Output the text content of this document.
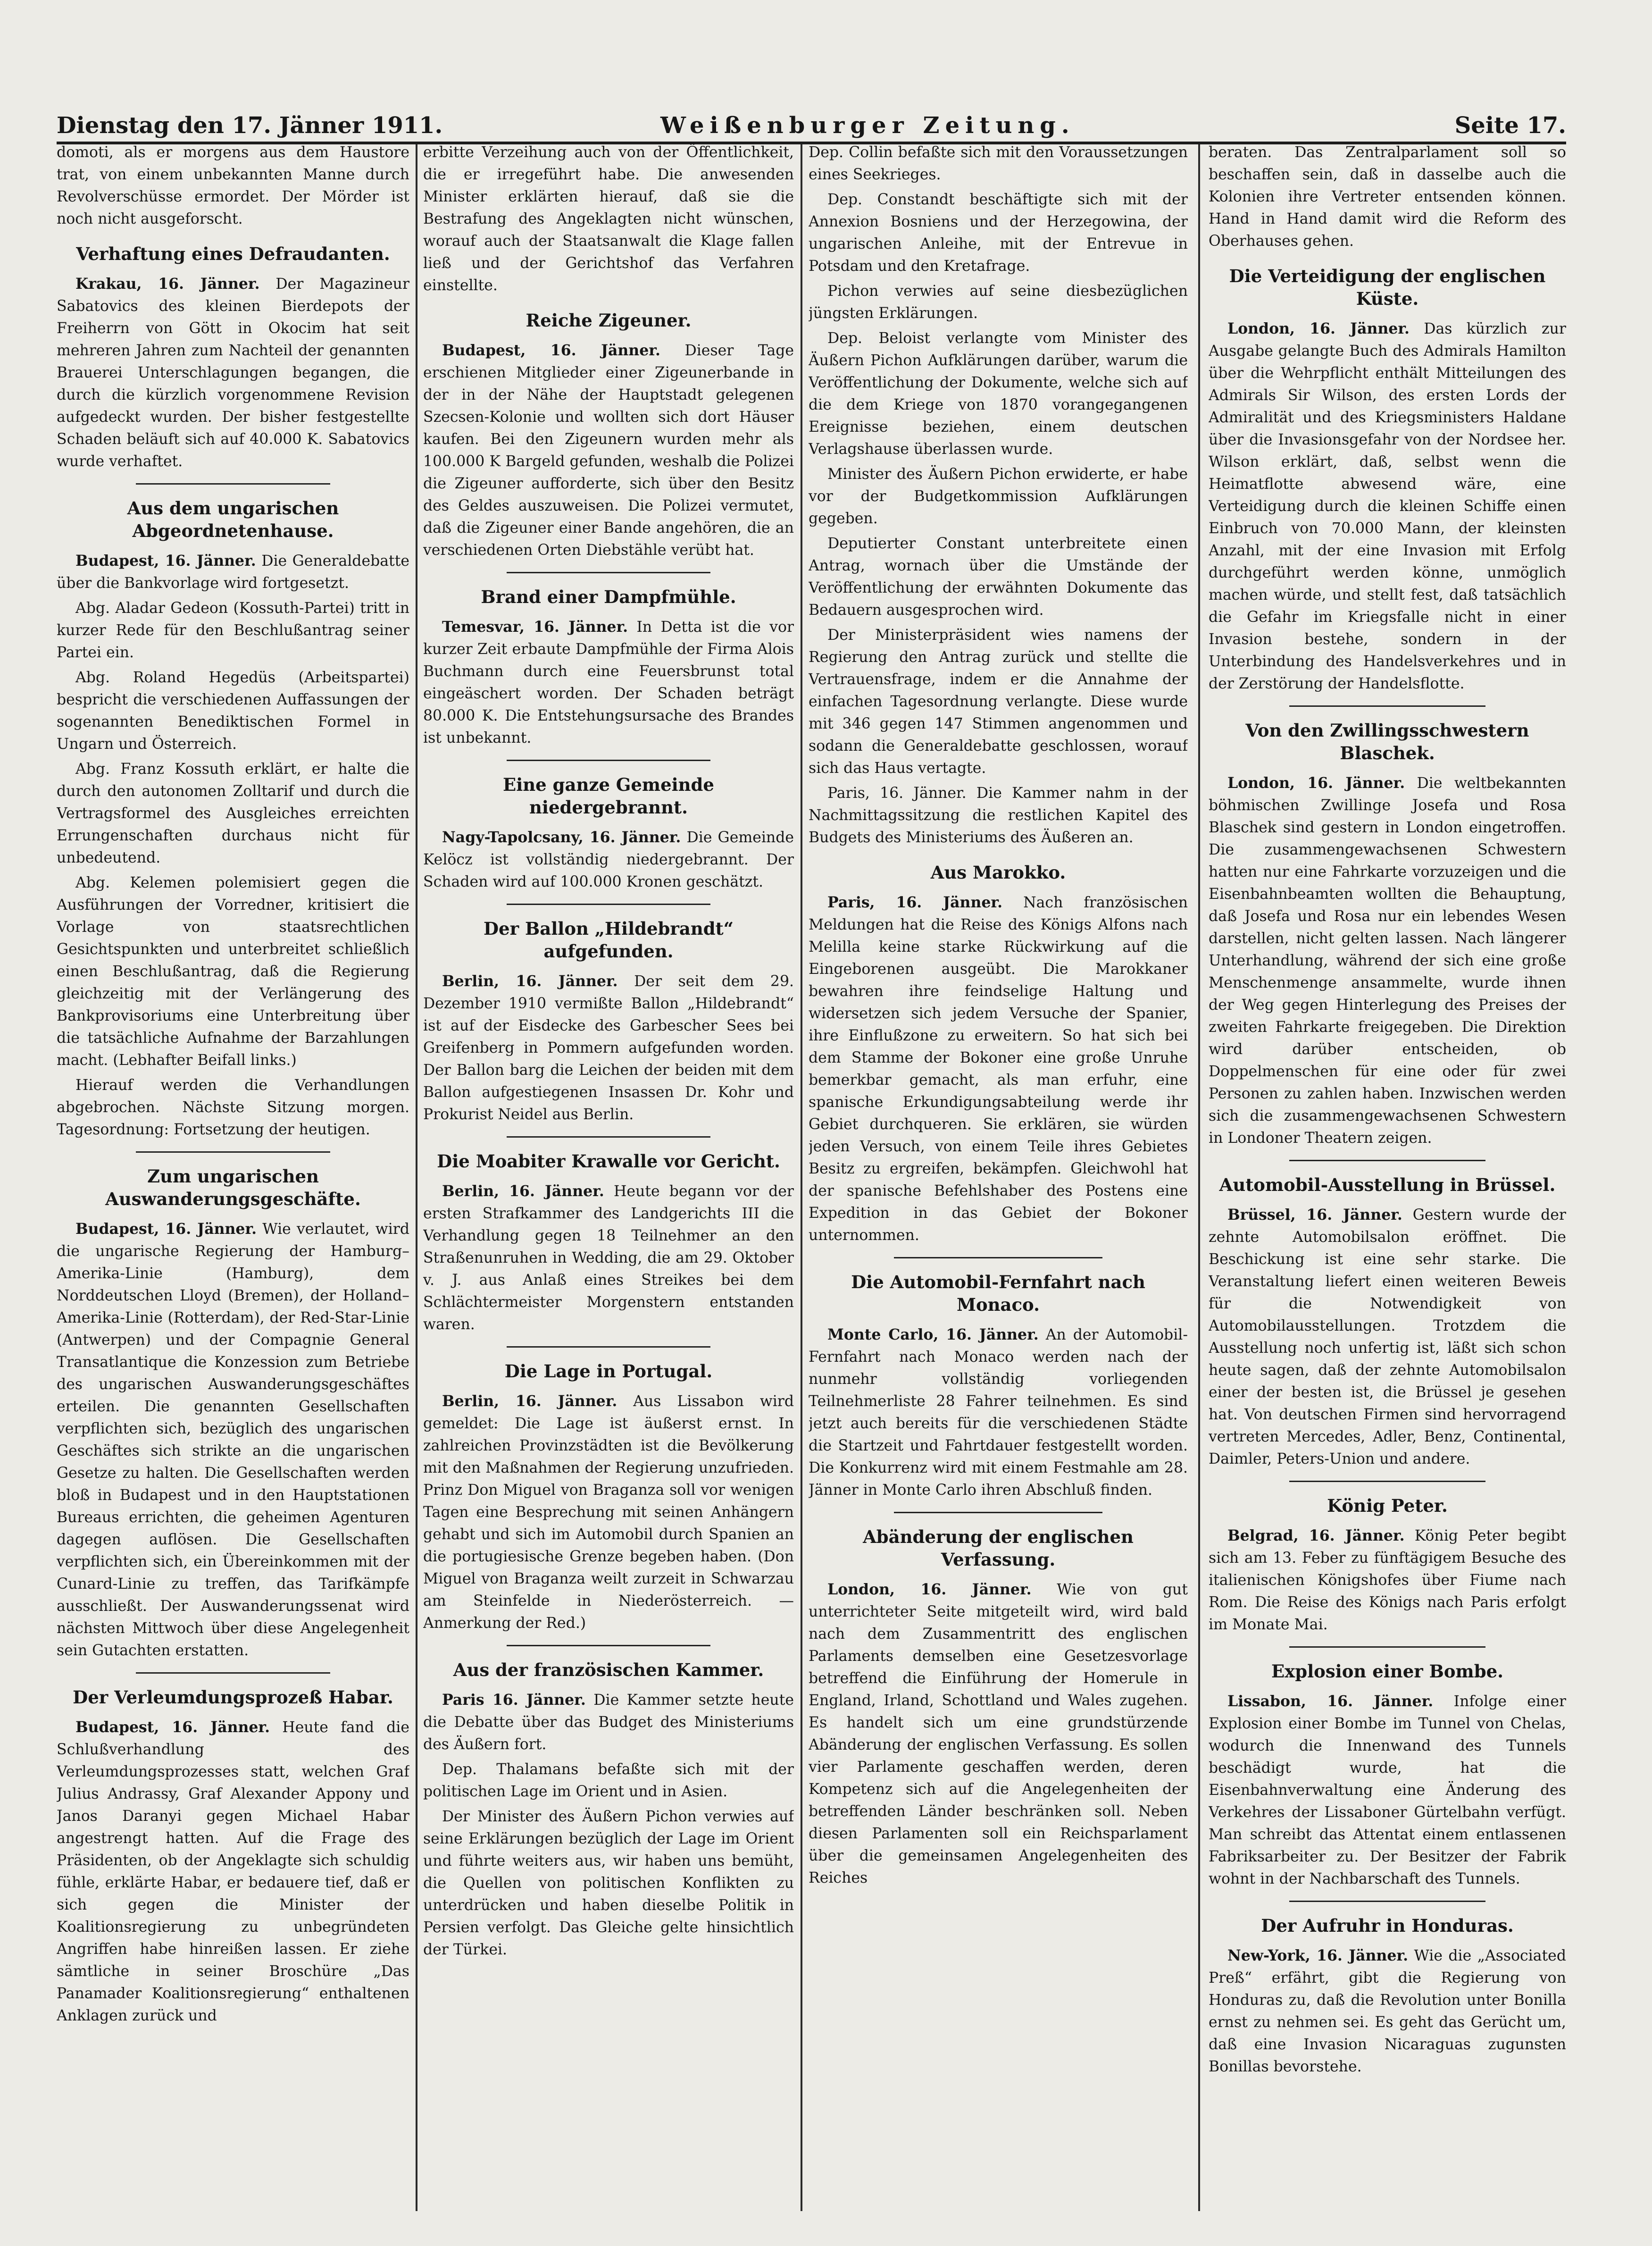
Dienstag den 17. Jänner 1911.	Weißenburger Zeitung.	Seite 17.

domoti, als er morgens aus dem Haustore trat, von einem unbekannten Manne durch Revolverschüsse ermordet. Der Mörder ist noch nicht ausgeforscht.

Verhaftung eines Defraudanten.

Krakau, 16. Jänner. Der Magazineur Sabatovics des kleinen Bierdepots der Freiherrn von Gött in Okocim hat seit mehreren Jahren zum Nachteil der genannten Brauerei Unterschlagungen begangen, die durch die kürzlich vorgenommene Revision aufgedeckt wurden. Der bisher festgestellte Schaden beläuft sich auf 40.000 K. Sabatovics wurde verhaftet.

Aus dem ungarischen Abgeordnetenhause.

Budapest, 16. Jänner. Die Generaldebatte über die Bankvorlage wird fortgesetzt.

Abg. Aladar Gedeon (Kossuth-Partei) tritt in kurzer Rede für den Beschlußantrag seiner Partei ein.

Abg. Roland Hegedüs (Arbeitspartei) bespricht die verschiedenen Auffassungen der sogenannten Benediktischen Formel in Ungarn und Österreich.

Abg. Franz Kossuth erklärt, er halte die durch den autonomen Zolltarif und durch die Vertragsformel des Ausgleiches erreichten Errungenschaften durchaus nicht für unbedeutend.

Abg. Kelemen polemisiert gegen die Ausführungen der Vorredner, kritisiert die Vorlage von staatsrechtlichen Gesichtspunkten und unterbreitet schließlich einen Beschlußantrag, daß die Regierung gleichzeitig mit der Verlängerung des Bankprovisoriums eine Unterbreitung über die tatsächliche Aufnahme der Barzahlungen macht. (Lebhafter Beifall links.)

Hierauf werden die Verhandlungen abgebrochen. Nächste Sitzung morgen. Tagesordnung: Fortsetzung der heutigen.

Zum ungarischen Auswanderungsgeschäfte.

Budapest, 16. Jänner. Wie verlautet, wird die ungarische Regierung der Hamburg–Amerika-Linie (Hamburg), dem Norddeutschen Lloyd (Bremen), der Holland–Amerika-Linie (Rotterdam), der Red-Star-Linie (Antwerpen) und der Compagnie General Transatlantique die Konzession zum Betriebe des ungarischen Auswanderungsgeschäftes erteilen. Die genannten Gesellschaften verpflichten sich, bezüglich des ungarischen Geschäftes sich strikte an die ungarischen Gesetze zu halten. Die Gesellschaften werden bloß in Budapest und in den Hauptstationen Bureaus errichten, die geheimen Agenturen dagegen auflösen. Die Gesellschaften verpflichten sich, ein Übereinkommen mit der Cunard-Linie zu treffen, das Tarifkämpfe ausschließt. Der Auswanderungssenat wird nächsten Mittwoch über diese Angelegenheit sein Gutachten erstatten.

Der Verleumdungsprozeß Habar.

Budapest, 16. Jänner. Heute fand die Schlußverhandlung des Verleumdungsprozesses statt, welchen Graf Julius Andrassy, Graf Alexander Appony und Janos Daranyi gegen Michael Habar angestrengt hatten. Auf die Frage des Präsidenten, ob der Angeklagte sich schuldig fühle, erklärte Habar, er bedauere tief, daß er sich gegen die Minister der Koalitionsregierung zu unbegründeten Angriffen habe hinreißen lassen. Er ziehe sämtliche in seiner Broschüre „Das Panamader Koalitionsregierung“ enthaltenen Anklagen zurück und

erbitte Verzeihung auch von der Öffentlichkeit, die er irregeführt habe. Die anwesenden Minister erklärten hierauf, daß sie die Bestrafung des Angeklagten nicht wünschen, worauf auch der Staatsanwalt die Klage fallen ließ und der Gerichtshof das Verfahren einstellte.

Reiche Zigeuner.

Budapest, 16. Jänner. Dieser Tage erschienen Mitglieder einer Zigeunerbande in der in der Nähe der Hauptstadt gelegenen Szecsen-Kolonie und wollten sich dort Häuser kaufen. Bei den Zigeunern wurden mehr als 100.000 K Bargeld gefunden, weshalb die Polizei die Zigeuner aufforderte, sich über den Besitz des Geldes auszuweisen. Die Polizei vermutet, daß die Zigeuner einer Bande angehören, die an verschiedenen Orten Diebstähle verübt hat.

Brand einer Dampfmühle.

Temesvar, 16. Jänner. In Detta ist die vor kurzer Zeit erbaute Dampfmühle der Firma Alois Buchmann durch eine Feuersbrunst total eingeäschert worden. Der Schaden beträgt 80.000 K. Die Entstehungsursache des Brandes ist unbekannt.

Eine ganze Gemeinde niedergebrannt.

Nagy-Tapolcsany, 16. Jänner. Die Gemeinde Kelöcz ist vollständig niedergebrannt. Der Schaden wird auf 100.000 Kronen geschätzt.

Der Ballon „Hildebrandt“ aufgefunden.

Berlin, 16. Jänner. Der seit dem 29. Dezember 1910 vermißte Ballon „Hildebrandt“ ist auf der Eisdecke des Garbescher Sees bei Greifenberg in Pommern aufgefunden worden. Der Ballon barg die Leichen der beiden mit dem Ballon aufgestiegenen Insassen Dr. Kohr und Prokurist Neidel aus Berlin.

Die Moabiter Krawalle vor Gericht.

Berlin, 16. Jänner. Heute begann vor der ersten Strafkammer des Landgerichts III die Verhandlung gegen 18 Teilnehmer an den Straßenunruhen in Wedding, die am 29. Oktober v. J. aus Anlaß eines Streikes bei dem Schlächtermeister Morgenstern entstanden waren.

Die Lage in Portugal.

Berlin, 16. Jänner. Aus Lissabon wird gemeldet: Die Lage ist äußerst ernst. In zahlreichen Provinzstädten ist die Bevölkerung mit den Maßnahmen der Regierung unzufrieden. Prinz Don Miguel von Braganza soll vor wenigen Tagen eine Besprechung mit seinen Anhängern gehabt und sich im Automobil durch Spanien an die portugiesische Grenze begeben haben. (Don Miguel von Braganza weilt zurzeit in Schwarzau am Steinfelde in Niederösterreich. — Anmerkung der Red.)

Aus der französischen Kammer.

Paris 16. Jänner. Die Kammer setzte heute die Debatte über das Budget des Ministeriums des Äußern fort.

Dep. Thalamans befaßte sich mit der politischen Lage im Orient und in Asien.

Der Minister des Äußern Pichon verwies auf seine Erklärungen bezüglich der Lage im Orient und führte weiters aus, wir haben uns bemüht, die Quellen von politischen Konflikten zu unterdrücken und haben dieselbe Politik in Persien verfolgt. Das Gleiche gelte hinsichtlich der Türkei.

Dep. Collin befaßte sich mit den Voraussetzungen eines Seekrieges.

Dep. Constandt beschäftigte sich mit der Annexion Bosniens und der Herzegowina, der ungarischen Anleihe, mit der Entrevue in Potsdam und den Kretafrage.

Pichon verwies auf seine diesbezüglichen jüngsten Erklärungen.

Dep. Beloist verlangte vom Minister des Äußern Pichon Aufklärungen darüber, warum die Veröffentlichung der Dokumente, welche sich auf die dem Kriege von 1870 vorangegangenen Ereignisse beziehen, einem deutschen Verlagshause überlassen wurde.

Minister des Äußern Pichon erwiderte, er habe vor der Budgetkommission Aufklärungen gegeben.

Deputierter Constant unterbreitete einen Antrag, wornach über die Umstände der Veröffentlichung der erwähnten Dokumente das Bedauern ausgesprochen wird.

Der Ministerpräsident wies namens der Regierung den Antrag zurück und stellte die Vertrauensfrage, indem er die Annahme der einfachen Tagesordnung verlangte. Diese wurde mit 346 gegen 147 Stimmen angenommen und sodann die Generaldebatte geschlossen, worauf sich das Haus vertagte.

Paris, 16. Jänner. Die Kammer nahm in der Nachmittagssitzung die restlichen Kapitel des Budgets des Ministeriums des Äußeren an.

Aus Marokko.

Paris, 16. Jänner. Nach französischen Meldungen hat die Reise des Königs Alfons nach Melilla keine starke Rückwirkung auf die Eingeborenen ausgeübt. Die Marokkaner bewahren ihre feindselige Haltung und widersetzen sich jedem Versuche der Spanier, ihre Einflußzone zu erweitern. So hat sich bei dem Stamme der Bokoner eine große Unruhe bemerkbar gemacht, als man erfuhr, eine spanische Erkundigungsabteilung werde ihr Gebiet durchqueren. Sie erklären, sie würden jeden Versuch, von einem Teile ihres Gebietes Besitz zu ergreifen, bekämpfen. Gleichwohl hat der spanische Befehlshaber des Postens eine Expedition in das Gebiet der Bokoner unternommen.

Die Automobil-Fernfahrt nach Monaco.

Monte Carlo, 16. Jänner. An der Automobil-Fernfahrt nach Monaco werden nach der nunmehr vollständig vorliegenden Teilnehmerliste 28 Fahrer teilnehmen. Es sind jetzt auch bereits für die verschiedenen Städte die Startzeit und Fahrtdauer festgestellt worden. Die Konkurrenz wird mit einem Festmahle am 28. Jänner in Monte Carlo ihren Abschluß finden.

Abänderung der englischen Verfassung.

London, 16. Jänner. Wie von gut unterrichteter Seite mitgeteilt wird, wird bald nach dem Zusammentritt des englischen Parlaments demselben eine Gesetzesvorlage betreffend die Einführung der Homerule in England, Irland, Schottland und Wales zugehen. Es handelt sich um eine grundstürzende Abänderung der englischen Verfassung. Es sollen vier Parlamente geschaffen werden, deren Kompetenz sich auf die Angelegenheiten der betreffenden Länder beschränken soll. Neben diesen Parlamenten soll ein Reichsparlament über die gemeinsamen Angelegenheiten des Reiches

beraten. Das Zentralparlament soll so beschaffen sein, daß in dasselbe auch die Kolonien ihre Vertreter entsenden können. Hand in Hand damit wird die Reform des Oberhauses gehen.

Die Verteidigung der englischen Küste.

London, 16. Jänner. Das kürzlich zur Ausgabe gelangte Buch des Admirals Hamilton über die Wehrpflicht enthält Mitteilungen des Admirals Sir Wilson, des ersten Lords der Admiralität und des Kriegsministers Haldane über die Invasionsgefahr von der Nordsee her. Wilson erklärt, daß, selbst wenn die Heimatflotte abwesend wäre, eine Verteidigung durch die kleinen Schiffe einen Einbruch von 70.000 Mann, der kleinsten Anzahl, mit der eine Invasion mit Erfolg durchgeführt werden könne, unmöglich machen würde, und stellt fest, daß tatsächlich die Gefahr im Kriegsfalle nicht in einer Invasion bestehe, sondern in der Unterbindung des Handelsverkehres und in der Zerstörung der Handelsflotte.

Von den Zwillingsschwestern Blaschek.

London, 16. Jänner. Die weltbekannten böhmischen Zwillinge Josefa und Rosa Blaschek sind gestern in London eingetroffen. Die zusammengewachsenen Schwestern hatten nur eine Fahrkarte vorzuzeigen und die Eisenbahnbeamten wollten die Behauptung, daß Josefa und Rosa nur ein lebendes Wesen darstellen, nicht gelten lassen. Nach längerer Unterhandlung, während der sich eine große Menschenmenge ansammelte, wurde ihnen der Weg gegen Hinterlegung des Preises der zweiten Fahrkarte freigegeben. Die Direktion wird darüber entscheiden, ob Doppelmenschen für eine oder für zwei Personen zu zahlen haben. Inzwischen werden sich die zusammengewachsenen Schwestern in Londoner Theatern zeigen.

Automobil-Ausstellung in Brüssel.

Brüssel, 16. Jänner. Gestern wurde der zehnte Automobilsalon eröffnet. Die Beschickung ist eine sehr starke. Die Veranstaltung liefert einen weiteren Beweis für die Notwendigkeit von Automobilausstellungen. Trotzdem die Ausstellung noch unfertig ist, läßt sich schon heute sagen, daß der zehnte Automobilsalon einer der besten ist, die Brüssel je gesehen hat. Von deutschen Firmen sind hervorragend vertreten Mercedes, Adler, Benz, Continental, Daimler, Peters-Union und andere.

König Peter.

Belgrad, 16. Jänner. König Peter begibt sich am 13. Feber zu fünftägigem Besuche des italienischen Königshofes über Fiume nach Rom. Die Reise des Königs nach Paris erfolgt im Monate Mai.

Explosion einer Bombe.

Lissabon, 16. Jänner. Infolge einer Explosion einer Bombe im Tunnel von Chelas, wodurch die Innenwand des Tunnels beschädigt wurde, hat die Eisenbahnverwaltung eine Änderung des Verkehres der Lissaboner Gürtelbahn verfügt. Man schreibt das Attentat einem entlassenen Fabriksarbeiter zu. Der Besitzer der Fabrik wohnt in der Nachbarschaft des Tunnels.

Der Aufruhr in Honduras.

New-York, 16. Jänner. Wie die „Associated Preß“ erfährt, gibt die Regierung von Honduras zu, daß die Revolution unter Bonilla ernst zu nehmen sei. Es geht das Gerücht um, daß eine Invasion Nicaraguas zugunsten Bonillas bevorstehe.
